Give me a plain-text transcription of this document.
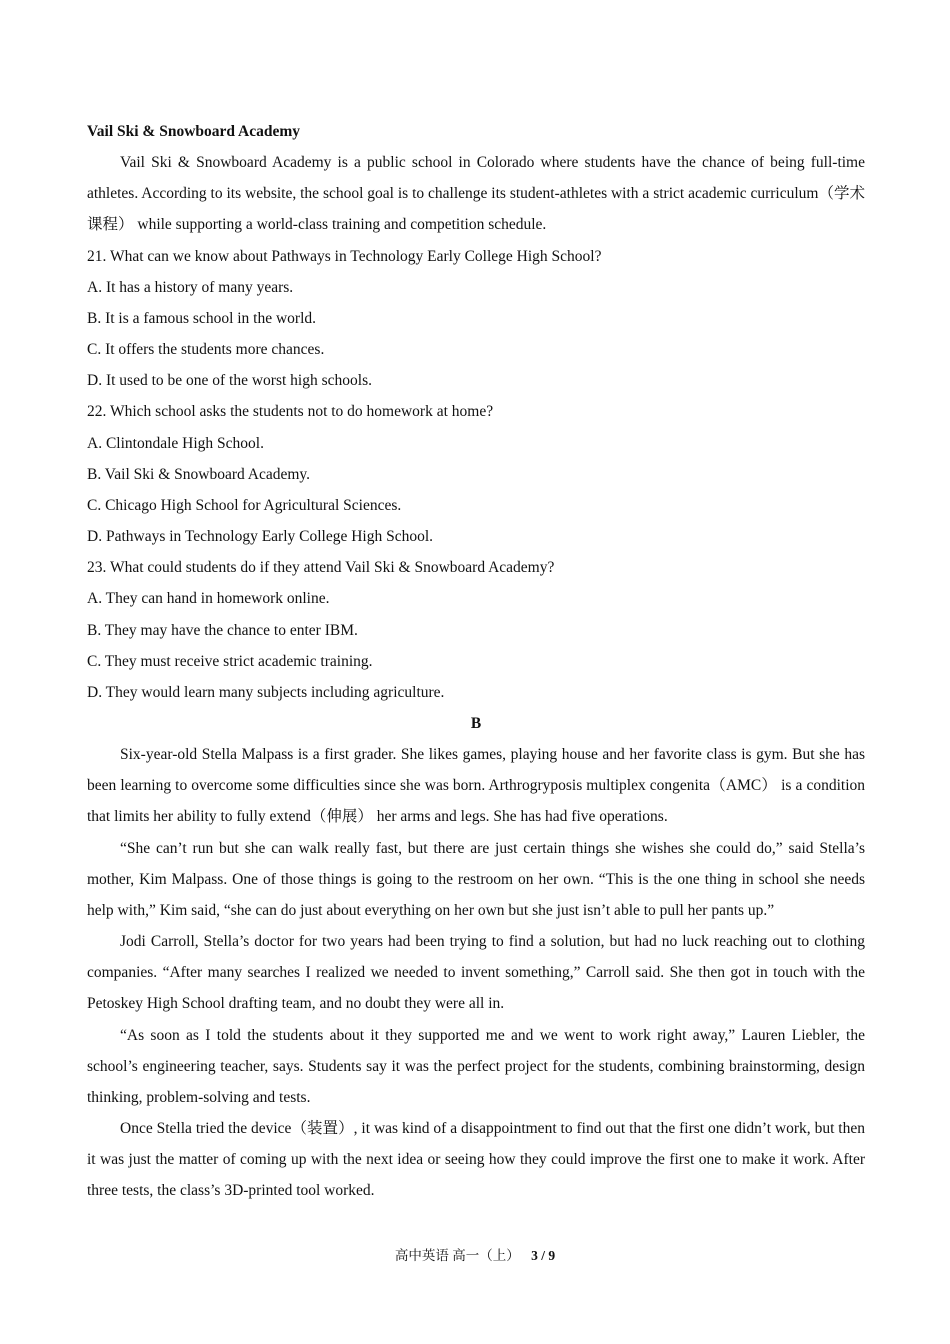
Vail Ski & Snowboard Academy

Vail Ski & Snowboard Academy is a public school in Colorado where students have the chance of being full-time athletes. According to its website, the school goal is to challenge its student-athletes with a strict academic curriculum（学术课程） while supporting a world-class training and competition schedule.

21. What can we know about Pathways in Technology Early College High School?

A. It has a history of many years.

B. It is a famous school in the world.

C. It offers the students more chances.

D. It used to be one of the worst high schools.

22. Which school asks the students not to do homework at home?

A. Clintondale High School.

B. Vail Ski & Snowboard Academy.

C. Chicago High School for Agricultural Sciences.

D. Pathways in Technology Early College High School.

23. What could students do if they attend Vail Ski & Snowboard Academy?

A. They can hand in homework online.

B. They may have the chance to enter IBM.

C. They must receive strict academic training.

D. They would learn many subjects including agriculture.

B

Six-year-old Stella Malpass is a first grader. She likes games, playing house and her favorite class is gym. But she has been learning to overcome some difficulties since she was born. Arthrogryposis multiplex congenita（AMC） is a condition that limits her ability to fully extend（伸展） her arms and legs. She has had five operations.

“She can’t run but she can walk really fast, but there are just certain things she wishes she could do,” said Stella’s mother, Kim Malpass. One of those things is going to the restroom on her own. “This is the one thing in school she needs help with,” Kim said, “she can do just about everything on her own but she just isn’t able to pull her pants up.”

Jodi Carroll, Stella’s doctor for two years had been trying to find a solution, but had no luck reaching out to clothing companies. “After many searches I realized we needed to invent something,” Carroll said. She then got in touch with the Petoskey High School drafting team, and no doubt they were all in.

“As soon as I told the students about it they supported me and we went to work right away,” Lauren Liebler, the school’s engineering teacher, says. Students say it was the perfect project for the students, combining brainstorming, design thinking, problem-solving and tests.

Once Stella tried the device（装置）, it was kind of a disappointment to find out that the first one didn’t work, but then it was just the matter of coming up with the next idea or seeing how they could improve the first one to make it work. After three tests, the class’s 3D-printed tool worked.

高中英语 高一（上） 3 / 9
